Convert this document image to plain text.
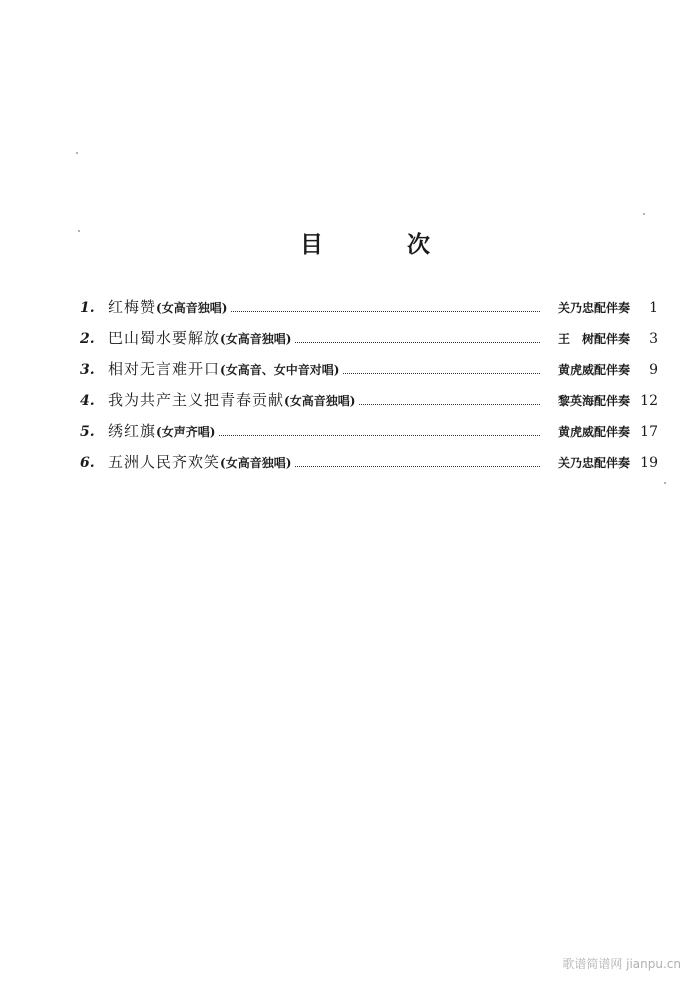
目	次
1. 红梅赞 (女高音独唱)	关乃忠配伴奏	1
2. 巴山蜀水要解放 (女高音独唱)	王　树配伴奏	3
3. 相对无言难开口 (女高音、女中音对唱)	黄虎威配伴奏	9
4. 我为共产主义把青春贡献 (女高音独唱)	黎英海配伴奏 12
5. 绣红旗 (女声齐唱)	黄虎威配伴奏 17
6. 五洲人民齐欢笑 (女高音独唱)	关乃忠配伴奏 19
歌谱简谱网 jianpu.cn
